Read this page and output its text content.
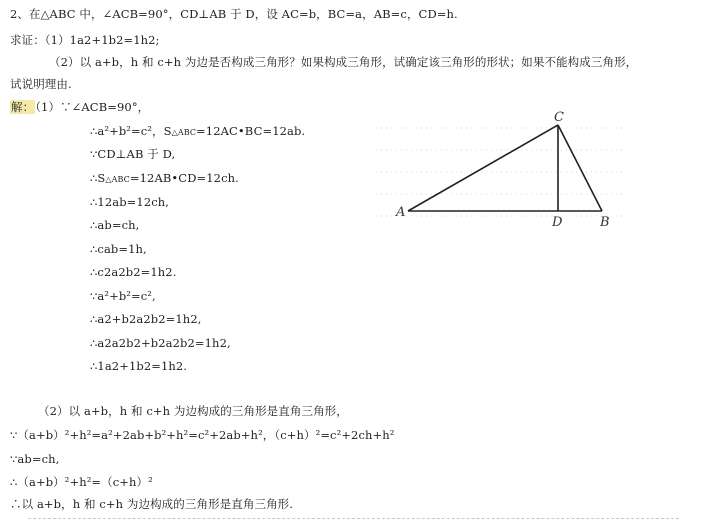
2、在△ABC 中，∠ACB=90°，CD⊥AB 于 D，设 AC=b，BC=a，AB=c，CD=h.
求证：（1）1a2+1b2=1h2;
（2）以 a+b，h 和 c+h 为边是否构成三角形？如果构成三角形，试确定该三角形的形状；如果不能构成三角形，
试说明理由.
解：（1）∵∠ACB=90°，
∴a²+b²=c²，S△ABC=12AC•BC=12ab.
∵CD⊥AB 于 D,
∴S△ABC=12AB•CD=12ch.
∴12ab=12ch,
∴ab=ch,
∴cab=1h,
∴c2a2b2=1h2.
∵a²+b²=c²,
∴a2+b2a2b2=1h2,
∴a2a2b2+b2a2b2=1h2,
∴1a2+1b2=1h2.
（2）以 a+b，h 和 c+h 为边构成的三角形是直角三角形，
∵（a+b）²+h²=a²+2ab+b²+h²=c²+2ab+h²，（c+h）²=c²+2ch+h²
∵ab=ch,
∴（a+b）²+h²=（c+h）²
∴以 a+b，h 和 c+h 为边构成的三角形是直角三角形.
C
A
D	B
